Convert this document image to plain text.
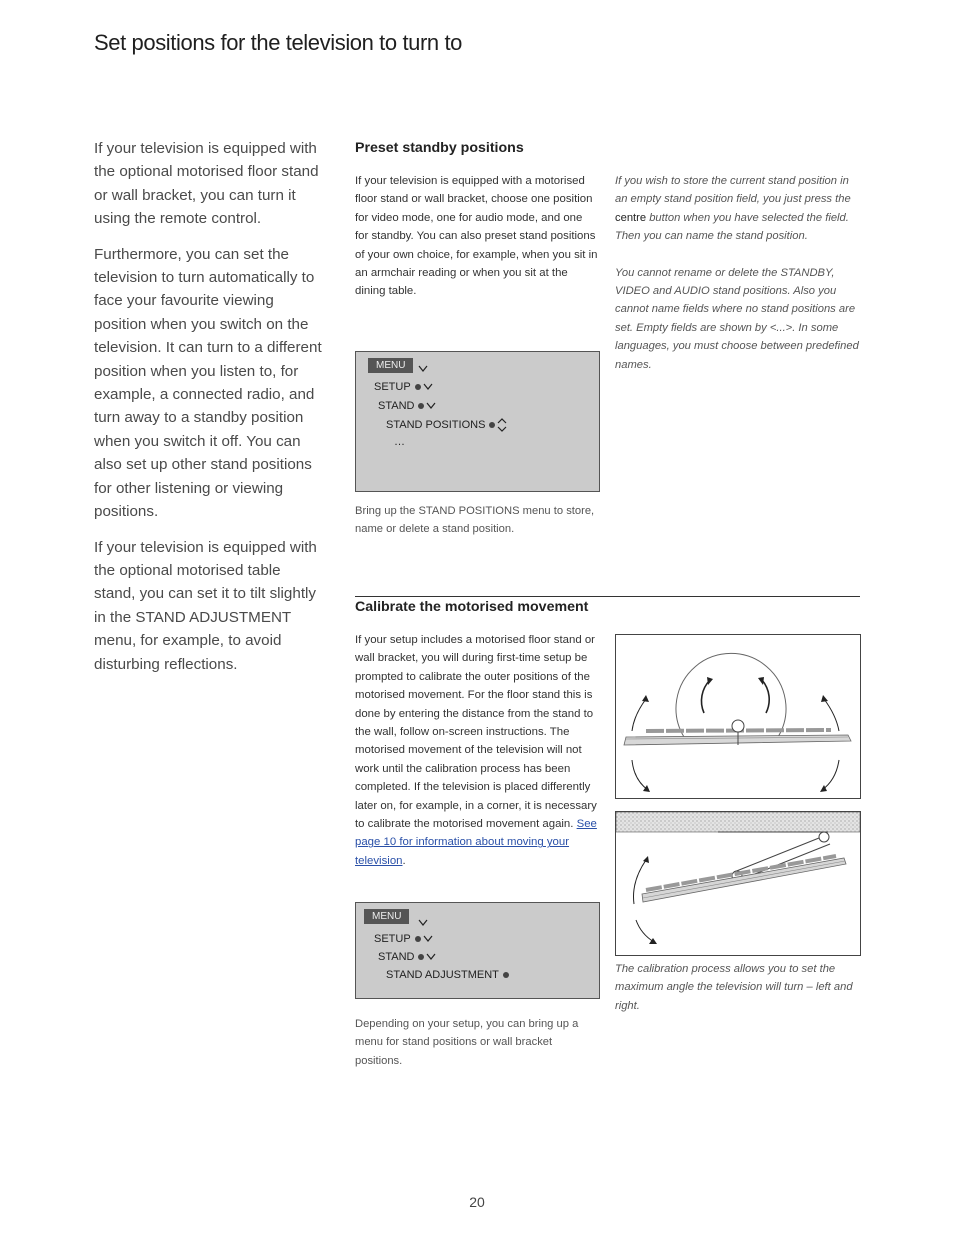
Set positions for the television to turn to

If your television is equipped with the optional motorised floor stand or wall bracket, you can turn it using the remote control.

Furthermore, you can set the television to turn automatically to face your favourite viewing position when you switch on the television. It can turn to a different position when you listen to, for example, a connected radio, and turn away to a standby position when you switch it off. You can also set up other stand positions for other listening or viewing positions.

If your television is equipped with the optional motorised table stand, you can set it to tilt slightly in the STAND ADJUSTMENT menu, for example, to avoid disturbing reflections.

Preset standby positions

If your television is equipped with a motorised floor stand or wall bracket, choose one position for video mode, one for audio mode, and one for standby. You can also preset stand positions of your own choice, for example, when you sit in an armchair reading or when you sit at the dining table.

If you wish to store the current stand position in an empty stand position field, you just press the centre button when you have selected the field. Then you can name the stand position.

You cannot rename or delete the STANDBY, VIDEO and AUDIO stand positions. Also you cannot name fields where no stand positions are set. Empty fields are shown by <...>. In some languages, you must choose between predefined names.

MENU
SETUP
STAND
STAND POSITIONS
…

Bring up the STAND POSITIONS menu to store, name or delete a stand position.

Calibrate the motorised movement

If your setup includes a motorised floor stand or wall bracket, you will during first-time setup be prompted to calibrate the outer positions of the motorised movement. For the floor stand this is done by entering the distance from the stand to the wall, follow on-screen instructions. The motorised movement of the television will not work until the calibration process has been completed. If the television is placed differently later on, for example, in a corner, it is necessary to calibrate the motorised movement again. See page 10 for information about moving your television.

MENU
SETUP
STAND
STAND ADJUSTMENT

Depending on your setup, you can bring up a menu for stand positions or wall bracket positions.

The calibration process allows you to set the maximum angle the television will turn – left and right.

20
